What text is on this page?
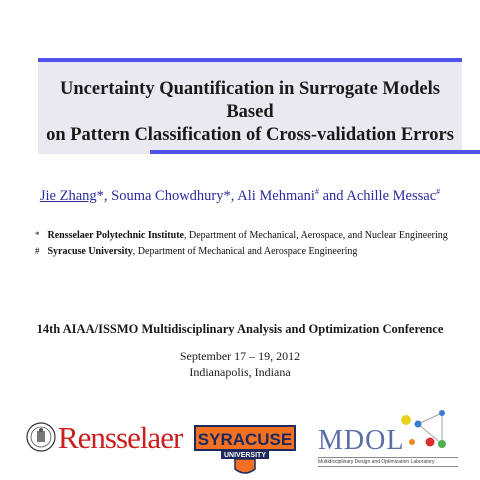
Uncertainty Quantification in Surrogate Models Based
on Pattern Classification of Cross-validation Errors
Jie Zhang*, Souma Chowdhury*, Ali Mehmani# and Achille Messac#
* Rensselaer Polytechnic Institute, Department of Mechanical, Aerospace, and Nuclear Engineering
# Syracuse University, Department of Mechanical and Aerospace Engineering
14th AIAA/ISSMO Multidisciplinary Analysis and Optimization Conference
September 17 – 19, 2012
Indianapolis, Indiana
Rensselaer SYRACUSE
UNIVERSITY MDOL
Multidisciplinary Design and Optimization Laboratory
